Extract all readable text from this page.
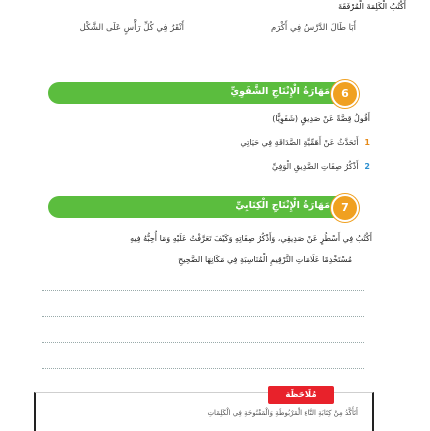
أَكْتُبُ الْكَلِمَةَ الْمُرْفَقَةَ
أَبَا طَالَ الدَّرْسُ فِي أَكْرَم
أَنْقَرُ فِي كُلِّ رَأْسٍ عَلَى الشَّكْل
مَهَارَةُ الْإِنْتَاجِ الشَّفَوِيِّ	6
أَقُولُ قِصَّةً عَنْ صَدِيقٍ (شَفَوِيًّا)
1أَتَحَدَّثُ عَنْ أَهَمِّيَّةِ الصَّدَاقَةِ فِي حَيَاتِي
2أَذْكُرُ صِفَاتِ الصَّدِيقِ الْوَفِيِّ
مَهَارَةُ الْإِنْتَاجِ الْكِتَابِيِّ	7
أَكْتُبُ فِي أَسْطُرٍ عَنْ صَدِيقِي، وَأَذْكُرُ صِفَاتِهِ وَكَيْفَ تَعَرَّفْتُ عَلَيْهِ وَمَا أُحِبُّهُ فِيهِ
مُسْتَخْدِمًا عَلَامَاتِ التَّرْقِيمِ الْمُنَاسِبَةِ فِي مَكَانِهَا الصَّحِيحِ
مُلَاحَظَة
أَتَأَكَّدُ مِنْ كِتَابَةِ التَّاءِ الْمَرْبُوطَةِ وَالْمَفْتُوحَةِ فِي الْكَلِمَاتِ
